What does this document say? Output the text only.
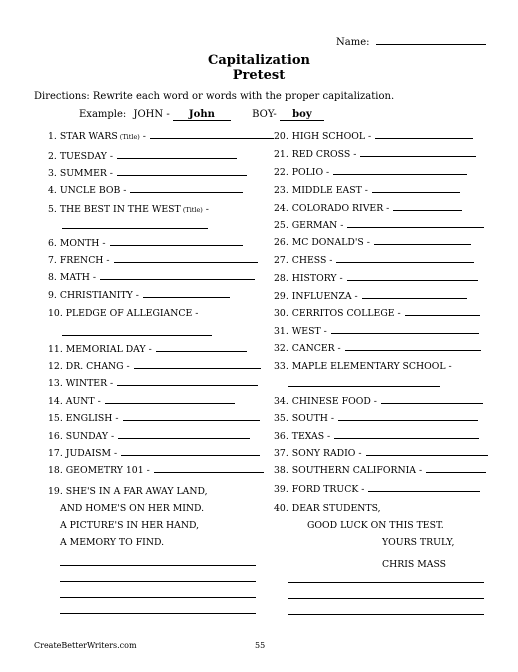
Name:
Capitalization
Pretest
Directions: Rewrite each word or words with the proper capitalization.
Example: JOHN - John	BOY- boy
1. STAR WARS (Title) -
2. TUESDAY -
3. SUMMER -
4. UNCLE BOB -
5. THE BEST IN THE WEST (Title) -
6. MONTH -
7. FRENCH -
8. MATH -
9. CHRISTIANITY -
10. PLEDGE OF ALLEGIANCE -
11. MEMORIAL DAY -
12. DR. CHANG -
13. WINTER -
14. AUNT -
15. ENGLISH -
16. SUNDAY -
17. JUDAISM -
18. GEOMETRY 101 -
20. HIGH SCHOOL -
21. RED CROSS -
22. POLIO -
23. MIDDLE EAST -
24. COLORADO RIVER -
25. GERMAN -
26. MC DONALD'S -
27. CHESS -
28. HISTORY -
29. INFLUENZA -
30. CERRITOS COLLEGE -
31. WEST -
32. CANCER -
33. MAPLE ELEMENTARY SCHOOL -
34. CHINESE FOOD -
35. SOUTH -
36. TEXAS -
37. SONY RADIO -
38. SOUTHERN CALIFORNIA -
39. FORD TRUCK -
19. SHE'S IN A FAR AWAY LAND,
AND HOME'S ON HER MIND.
A PICTURE'S IN HER HAND,
A MEMORY TO FIND.
40. DEAR STUDENTS,
GOOD LUCK ON THIS TEST.
YOURS TRULY,
CHRIS MASS
CreateBetterWriters.com	55
